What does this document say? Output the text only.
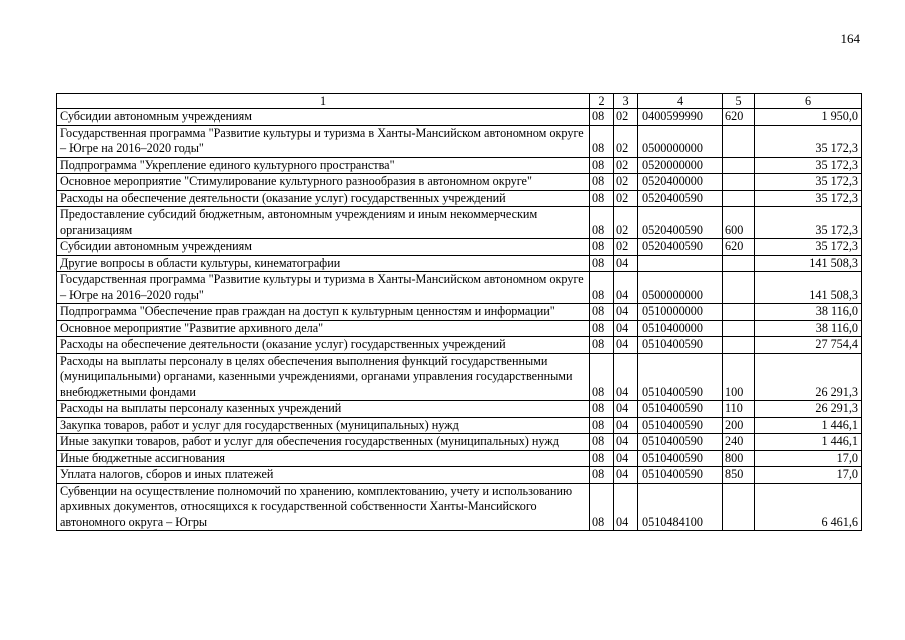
164
1	2	3	4	5	6
Субсидии автономным учреждениям	08	02	0400599990	620	1 950,0
Государственная программа "Развитие культуры и туризма в Ханты-Мансийском автономном округе – Югре на 2016–2020 годы"	08	02	0500000000		35 172,3
Подпрограмма "Укрепление единого культурного пространства"	08	02	0520000000		35 172,3
Основное мероприятие "Стимулирование культурного разнообразия в автономном округе"	08	02	0520400000		35 172,3
Расходы на обеспечение деятельности (оказание услуг) государственных учреждений	08	02	0520400590		35 172,3
Предоставление субсидий бюджетным, автономным учреждениям и иным некоммерческим организациям	08	02	0520400590	600	35 172,3
Субсидии автономным учреждениям	08	02	0520400590	620	35 172,3
Другие вопросы в области культуры, кинематографии	08	04			141 508,3
Государственная программа "Развитие культуры и туризма в Ханты-Мансийском автономном округе – Югре на 2016–2020 годы"	08	04	0500000000		141 508,3
Подпрограмма "Обеспечение прав граждан на доступ к культурным ценностям и информации"	08	04	0510000000		38 116,0
Основное мероприятие "Развитие архивного дела"	08	04	0510400000		38 116,0
Расходы на обеспечение деятельности (оказание услуг) государственных учреждений	08	04	0510400590		27 754,4
Расходы на выплаты персоналу в целях обеспечения выполнения функций государственными (муниципальными) органами, казенными учреждениями, органами управления государственными внебюджетными фондами	08	04	0510400590	100	26 291,3
Расходы на выплаты персоналу казенных учреждений	08	04	0510400590	110	26 291,3
Закупка товаров, работ и услуг для государственных (муниципальных) нужд	08	04	0510400590	200	1 446,1
Иные закупки товаров, работ и услуг для обеспечения государственных (муниципальных) нужд	08	04	0510400590	240	1 446,1
Иные бюджетные ассигнования	08	04	0510400590	800	17,0
Уплата налогов, сборов и иных платежей	08	04	0510400590	850	17,0
Субвенции на осуществление полномочий по хранению, комплектованию, учету и использованию архивных документов, относящихся к государственной собственности Ханты-Мансийского автономного округа – Югры	08	04	0510484100		6 461,6
